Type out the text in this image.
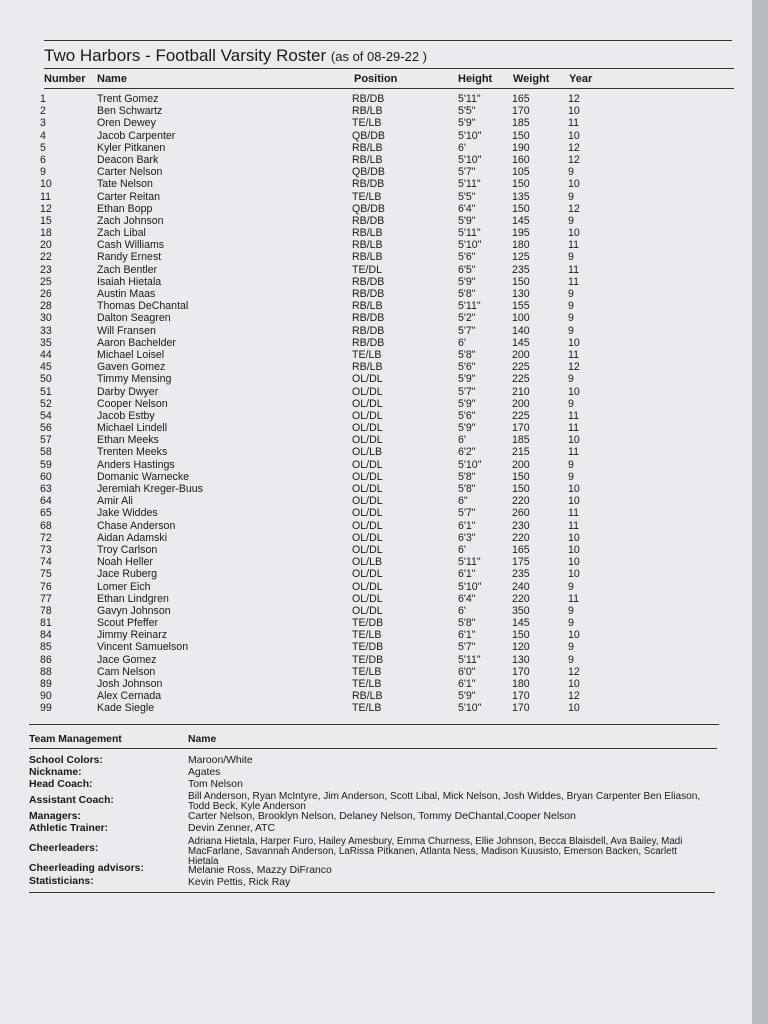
Two Harbors - Football Varsity Roster (as of 08-29-22 )
Number Name	Position	Height Weight Year
1	Trent Gomez	RB/DB	5'11"	165	12
2	Ben Schwartz	RB/LB	5'5"	170	10
3	Oren Dewey	TE/LB	5'9"	185	11
4	Jacob Carpenter	QB/DB	5'10"	150	10
5	Kyler Pitkanen	RB/LB	6'	190	12
6	Deacon Bark	RB/LB	5'10"	160	12
9	Carter Nelson	QB/DB	5'7"	105	9
10	Tate Nelson	RB/DB	5'11"	150	10
11	Carter Reitan	TE/LB	5'5"	135	9
12	Ethan Bopp	QB/DB	6'4"	150	12
15	Zach Johnson	RB/DB	5'9"	145	9
18	Zach Libal	RB/LB	5'11"	195	10
20	Cash Williams	RB/LB	5'10"	180	11
22	Randy Ernest	RB/LB	5'6"	125	9
23	Zach Bentler	TE/DL	6'5"	235	11
25	Isaiah Hietala	RB/DB	5'9"	150	11
26	Austin Maas	RB/DB	5'8"	130	9
28	Thomas DeChantal	RB/LB	5'11"	155	9
30	Dalton Seagren	RB/DB	5'2"	100	9
33	Will Fransen	RB/DB	5'7"	140	9
35	Aaron Bachelder	RB/DB	6'	145	10
44	Michael Loisel	TE/LB	5'8"	200	11
45	Gaven Gomez	RB/LB	5'6"	225	12
50	Timmy Mensing	OL/DL	5'9"	225	9
51	Darby Dwyer	OL/DL	5'7"	210	10
52	Cooper Nelson	OL/DL	5'9"	200	9
54	Jacob Estby	OL/DL	5'6"	225	11
56	Michael Lindell	OL/DL	5'9"	170	11
57	Ethan Meeks	OL/DL	6'	185	10
58	Trenten Meeks	OL/LB	6'2"	215	11
59	Anders Hastings	OL/DL	5'10"	200	9
60	Domanic Warnecke	OL/DL	5'8"	150	9
63	Jeremiah Kreger-Buus	OL/DL	5'8"	150	10
64	Amir Ali	OL/DL	6"	220	10
65	Jake Widdes	OL/DL	5'7"	260	11
68	Chase Anderson	OL/DL	6'1"	230	11
72	Aidan Adamski	OL/DL	6'3"	220	10
73	Troy Carlson	OL/DL	6'	165	10
74	Noah Heller	OL/LB	5'11"	175	10
75	Jace Ruberg	OL/DL	6'1"	235	10
76	Lomer Eich	OL/DL	5'10"	240	9
77	Ethan Lindgren	OL/DL	6'4"	220	11
78	Gavyn Johnson	OL/DL	6'	350	9
81	Scout Pfeffer	TE/DB	5'8"	145	9
84	Jimmy Reinarz	TE/LB	6'1"	150	10
85	Vincent Samuelson	TE/DB	5'7"	120	9
86	Jace Gomez	TE/DB	5'11"	130	9
88	Cam Nelson	TE/LB	6'0"	170	12
89	Josh Johnson	TE/LB	6'1"	180	10
90	Alex Cernada	RB/LB	5'9"	170	12
99	Kade Siegle	TE/LB	5'10"	170	10
Team Management	Name
School Colors:	Maroon/White
Nickname:	Agates
Head Coach:	Tom Nelson
Assistant Coach:	Bill Anderson, Ryan McIntyre, Jim Anderson, Scott Libal, Mick Nelson, Josh Widdes, Bryan Carpenter Ben Eliason,
Todd Beck, Kyle Anderson
Managers:	Carter Nelson, Brooklyn Nelson, Delaney Nelson, Tommy DeChantal,Cooper Nelson
Athletic Trainer:	Devin Zenner, ATC
Cheerleaders:
Adriana Hietala, Harper Furo, Hailey Amesbury, Emma Churness, Ellie Johnson, Becca Blaisdell, Ava Bailey, Madi
MacFarlane, Savannah Anderson, LaRissa Pitkanen, Atlanta Ness, Madison Kuusisto, Emerson Backen, Scarlett
Hietala
Cheerleading advisors:	Melanie Ross, Mazzy DiFranco
Statisticians:	Kevin Pettis, Rick Ray
